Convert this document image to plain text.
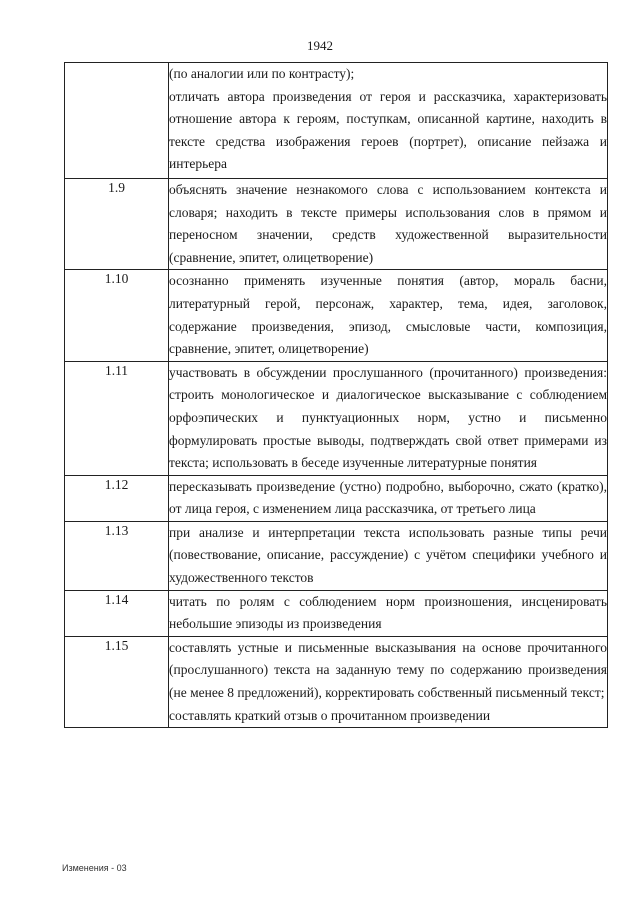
1942

	(по аналогии или по контрасту);

отличать автора произведения от героя и рассказчика, характеризовать отношение автора к героям, поступкам, описанной картине, находить в тексте средства изображения героев (портрет), описание пейзажа и интерьера

1.9	объяснять значение незнакомого слова с использованием контекста и словаря; находить в тексте примеры использования слов в прямом и переносном значении, средств художественной выразительности (сравнение, эпитет, олицетворение)

1.10	осознанно применять изученные понятия (автор, мораль басни, литературный герой, персонаж, характер, тема, идея, заголовок, содержание произведения, эпизод, смысловые части, композиция, сравнение, эпитет, олицетворение)

1.11	участвовать в обсуждении прослушанного (прочитанного) произведения: строить монологическое и диалогическое высказывание с соблюдением орфоэпических и пунктуационных норм, устно и письменно формулировать простые выводы, подтверждать свой ответ примерами из текста; использовать в беседе изученные литературные понятия

1.12	пересказывать произведение (устно) подробно, выборочно, сжато (кратко), от лица героя, с изменением лица рассказчика, от третьего лица

1.13	при анализе и интерпретации текста использовать разные типы речи (повествование, описание, рассуждение) с учётом специфики учебного и художественного текстов

1.14	читать по ролям с соблюдением норм произношения, инсценировать небольшие эпизоды из произведения

1.15	составлять устные и письменные высказывания на основе прочитанного (прослушанного) текста на заданную тему по содержанию произведения (не менее 8 предложений), корректировать собственный письменный текст;

составлять краткий отзыв о прочитанном произведении

Изменения - 03
